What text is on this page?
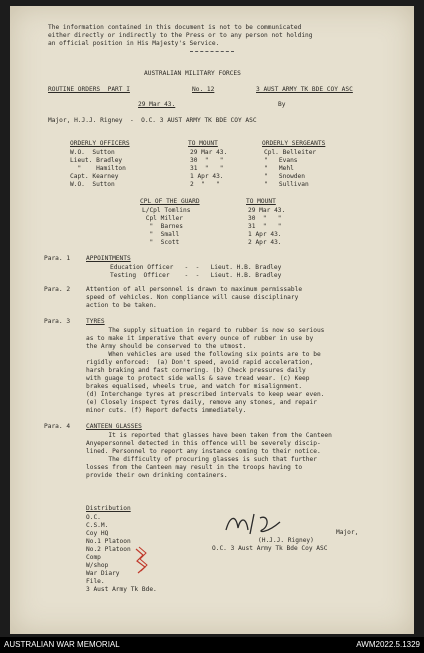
The information contained in this document is not to be communicated
either directly or indirectly to the Press or to any person not holding
an official position in His Majesty's Service.
AUSTRALIAN MILITARY FORCES
ROUTINE ORDERS  PART I	No. 12	3 AUST ARMY TK BDE COY ASC
29 Mar 43.	By
Major, H.J.J. Rigney  -  O.C. 3 AUST ARMY TK BDE COY ASC
ORDERLY OFFICERS	TO MOUNT	ORDERLY SERGEANTS
W.O.  Sutton	29 Mar 43.	Cpl. Belleiter
Lieut. Bradley	30  "   "	"   Evans
"    Hamilton	31  "   "	"   Mehl
Capt. Kearney	1 Apr 43.	"   Snowden
W.O.  Sutton	2  "   "	"   Sullivan
CPL OF THE GUARD	TO MOUNT
L/Cpl Tomlins	29 Mar 43.
Cpl Miller	30  "   "
"  Barnes	31  "   "
"  Small	1 Apr 43.
"  Scott	2 Apr 43.
Para. 1	APPOINTMENTS
Education Officer   -  -   Lieut. H.B. Bradley
Testing  Officer    -  -   Lieut. H.B. Bradley
Para. 2	Attention of all personnel is drawn to maximum permissable
speed of vehicles. Non compliance will cause disciplinary
action to be taken.
Para. 3	TYRES
The supply situation in regard to rubber is now so serious
as to make it imperative that every ounce of rubber in use by
the Army should be conserved to the utmost.
When vehicles are used the following six points are to be
rigidly enforced:  (a) Don't speed, avoid rapid acceleration,
harsh braking and fast cornering. (b) Check pressures daily
with guage to protect side walls & save tread wear. (c) Keep
brakes equalised, wheels true, and watch for misalignment.
(d) Interchange tyres at prescribed intervals to keep wear even.
(e) Closely inspect tyres daily, remove any stones, and repair
minor cuts. (f) Report defects immediately.
Para. 4	CANTEEN GLASSES
It is reported that glasses have been taken from the Canteen
Anyepersonnel detected in this offence will be severely discip-
lined. Personnel to report any instance coming to their notice.
The difficulty of procuring glasses is such that further
losses from the Canteen may result in the troops having to
provide their own drinking containers.
Distribution
O.C.
C.S.M.
Coy HQ
No.1 Platoon
No.2 Platoon
Comp
W/shop
War Diary
File.
3 Aust Army Tk Bde.
Major,
(H.J.J. Rigney)
O.C. 3 Aust Army Tk Bde Coy ASC
AUSTRALIAN WAR MEMORIAL	AWM2022.5.1329
